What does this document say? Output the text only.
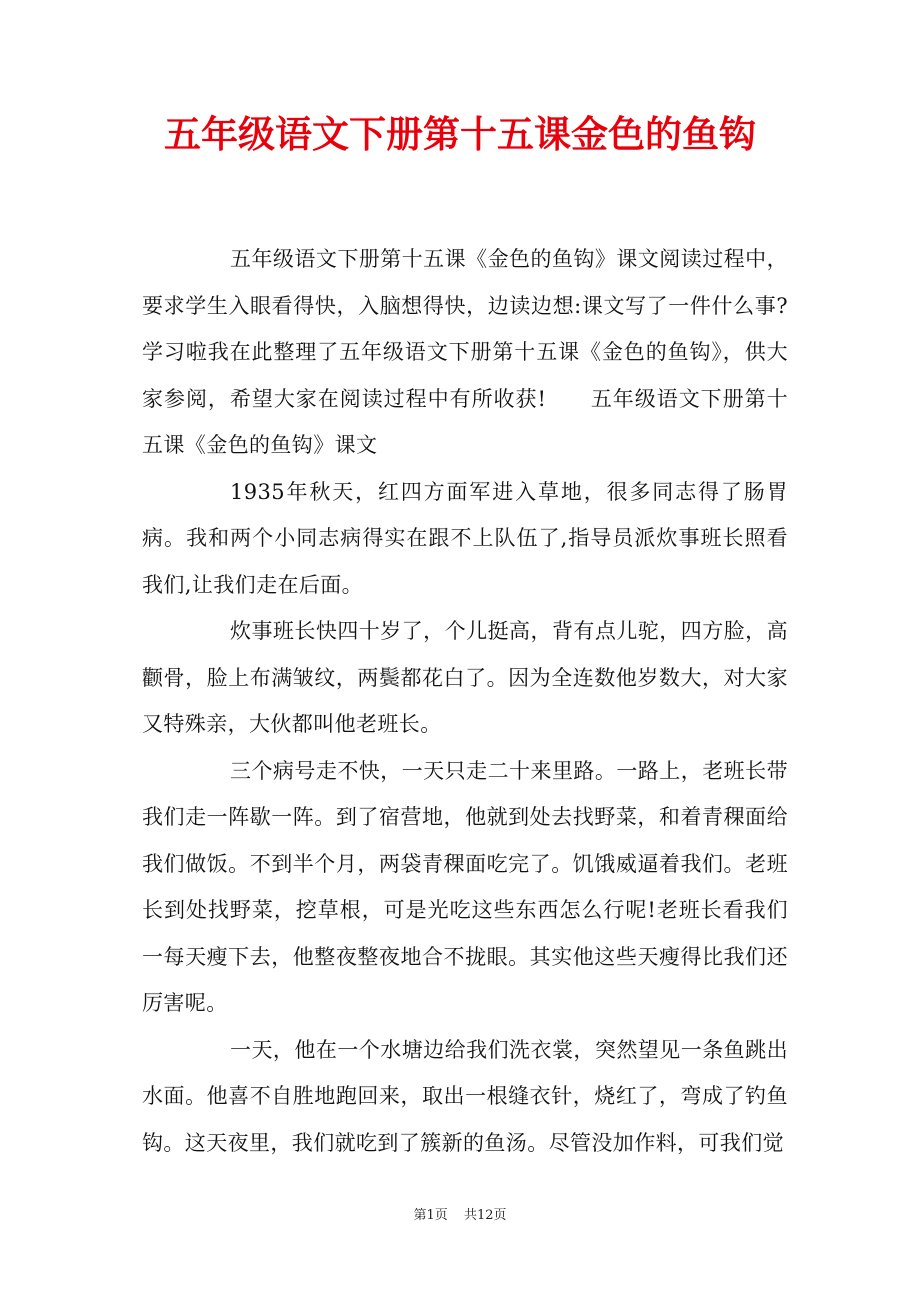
五年级语文下册第十五课金色的鱼钩

五年级语文下册第十五课《金色的鱼钩》课文阅读过程中，要求学生入眼看得快，入脑想得快，边读边想:课文写了一件什么事?学习啦我在此整理了五年级语文下册第十五课《金色的鱼钩》，供大家参阅，希望大家在阅读过程中有所收获!　　五年级语文下册第十五课《金色的鱼钩》课文

1935年秋天，红四方面军进入草地，很多同志得了肠胃病。我和两个小同志病得实在跟不上队伍了,指导员派炊事班长照看我们,让我们走在后面。

炊事班长快四十岁了，个儿挺高，背有点儿驼，四方脸，高颧骨，脸上布满皱纹，两鬓都花白了。因为全连数他岁数大，对大家又特殊亲，大伙都叫他老班长。

三个病号走不快，一天只走二十来里路。一路上，老班长带我们走一阵歇一阵。到了宿营地，他就到处去找野菜，和着青稞面给我们做饭。不到半个月，两袋青稞面吃完了。饥饿威逼着我们。老班长到处找野菜，挖草根，可是光吃这些东西怎么行呢!老班长看我们一每天瘦下去，他整夜整夜地合不拢眼。其实他这些天瘦得比我们还厉害呢。

一天，他在一个水塘边给我们洗衣裳，突然望见一条鱼跳出水面。他喜不自胜地跑回来，取出一根缝衣针，烧红了，弯成了钓鱼钩。这天夜里，我们就吃到了簇新的鱼汤。尽管没加作料，可我们觉

第1页 共12页
